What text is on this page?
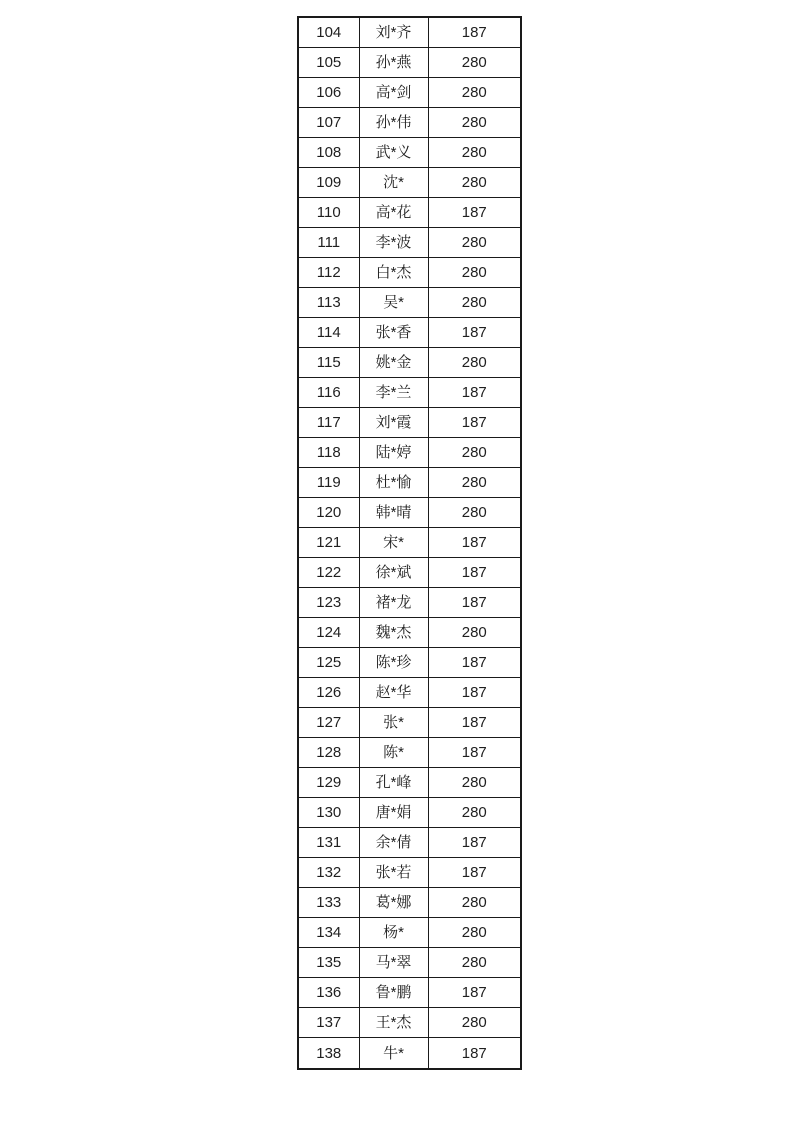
104	刘*齐	187
105	孙*燕	280
106	高*剑	280
107	孙*伟	280
108	武*义	280
109	沈*	280
110	高*花	187
111	李*波	280
112	白*杰	280
113	吴*	280
114	张*香	187
115	姚*金	280
116	李*兰	187
117	刘*霞	187
118	陆*婷	280
119	杜*愉	280
120	韩*晴	280
121	宋*	187
122	徐*斌	187
123	褚*龙	187
124	魏*杰	280
125	陈*珍	187
126	赵*华	187
127	张*	187
128	陈*	187
129	孔*峰	280
130	唐*娟	280
131	余*倩	187
132	张*若	187
133	葛*娜	280
134	杨*	280
135	马*翠	280
136	鲁*鹏	187
137	王*杰	280
138	牛*	187
